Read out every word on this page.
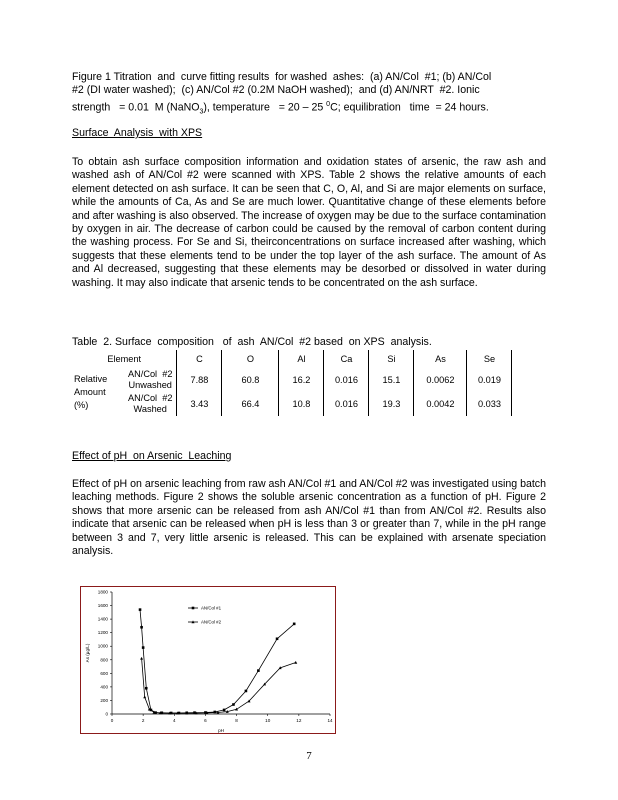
Figure 1 Titration  and  curve fitting results  for washed  ashes:  (a) AN/Col  #1; (b) AN/Col
#2 (DI water washed);  (c) AN/Col #2 (0.2M NaOH washed);  and (d) AN/NRT  #2. Ionic
strength   = 0.01  M (NaNO$_3$), temperature   = 20 – 25 $^0$C; equilibration   time  = 24 hours.
Surface  Analysis  with XPS

To obtain ash surface composition information and oxidation states of arsenic, the raw ash and washed ash of AN/Col #2 were scanned with XPS. Table 2 shows the relative amounts of each element detected on ash surface. It can be seen that C, O, Al, and Si are major elements on surface, while the amounts of Ca, As and Se are much lower. Quantitative change of these elements before and after washing is also observed. The increase of oxygen may be due to the surface contamination by oxygen in air. The decrease of carbon could be caused by the removal of carbon content during the washing process. For Se and Si, theirconcentrations on surface increased after washing, which suggests that these elements tend to be under the top layer of the ash surface. The amount of As and Al decreased, suggesting that these elements may be desorbed or dissolved in water during washing. It may also indicate that arsenic tends to be concentrated on the ash surface.

Table  2. Surface  composition   of  ash  AN/Col  #2 based  on XPS  analysis.
Element		C	O	Al	Ca	Si	As	Se
Relative
Amount
(%)	AN/Col  #2
Unwashed	7.88	60.8	16.2	0.016	15.1	0.0062	0.019
	AN/Col  #2
Washed	3.43	66.4	10.8	0.016	19.3	0.0042	0.033
Effect of pH  on Arsenic  Leaching

Effect of pH on arsenic leaching from raw ash AN/Col #1 and AN/Col #2 was investigated using batch leaching methods. Figure 2 shows the soluble arsenic concentration as a function of pH. Figure 2 shows that more arsenic can be released from ash AN/Col #1 than from AN/Col #2. Results also indicate that arsenic can be released when pH is less than 3 or greater than 7, while in the pH range between 3 and 7, very little arsenic is released. This can be explained with arsenate speciation analysis.

0	2	4	6	8	10	12	14
0
200
400
600
800
1000
1200
1400
1600
1800
pH
As (µg/L)
AN/Col #1
AN/Col #2
7
